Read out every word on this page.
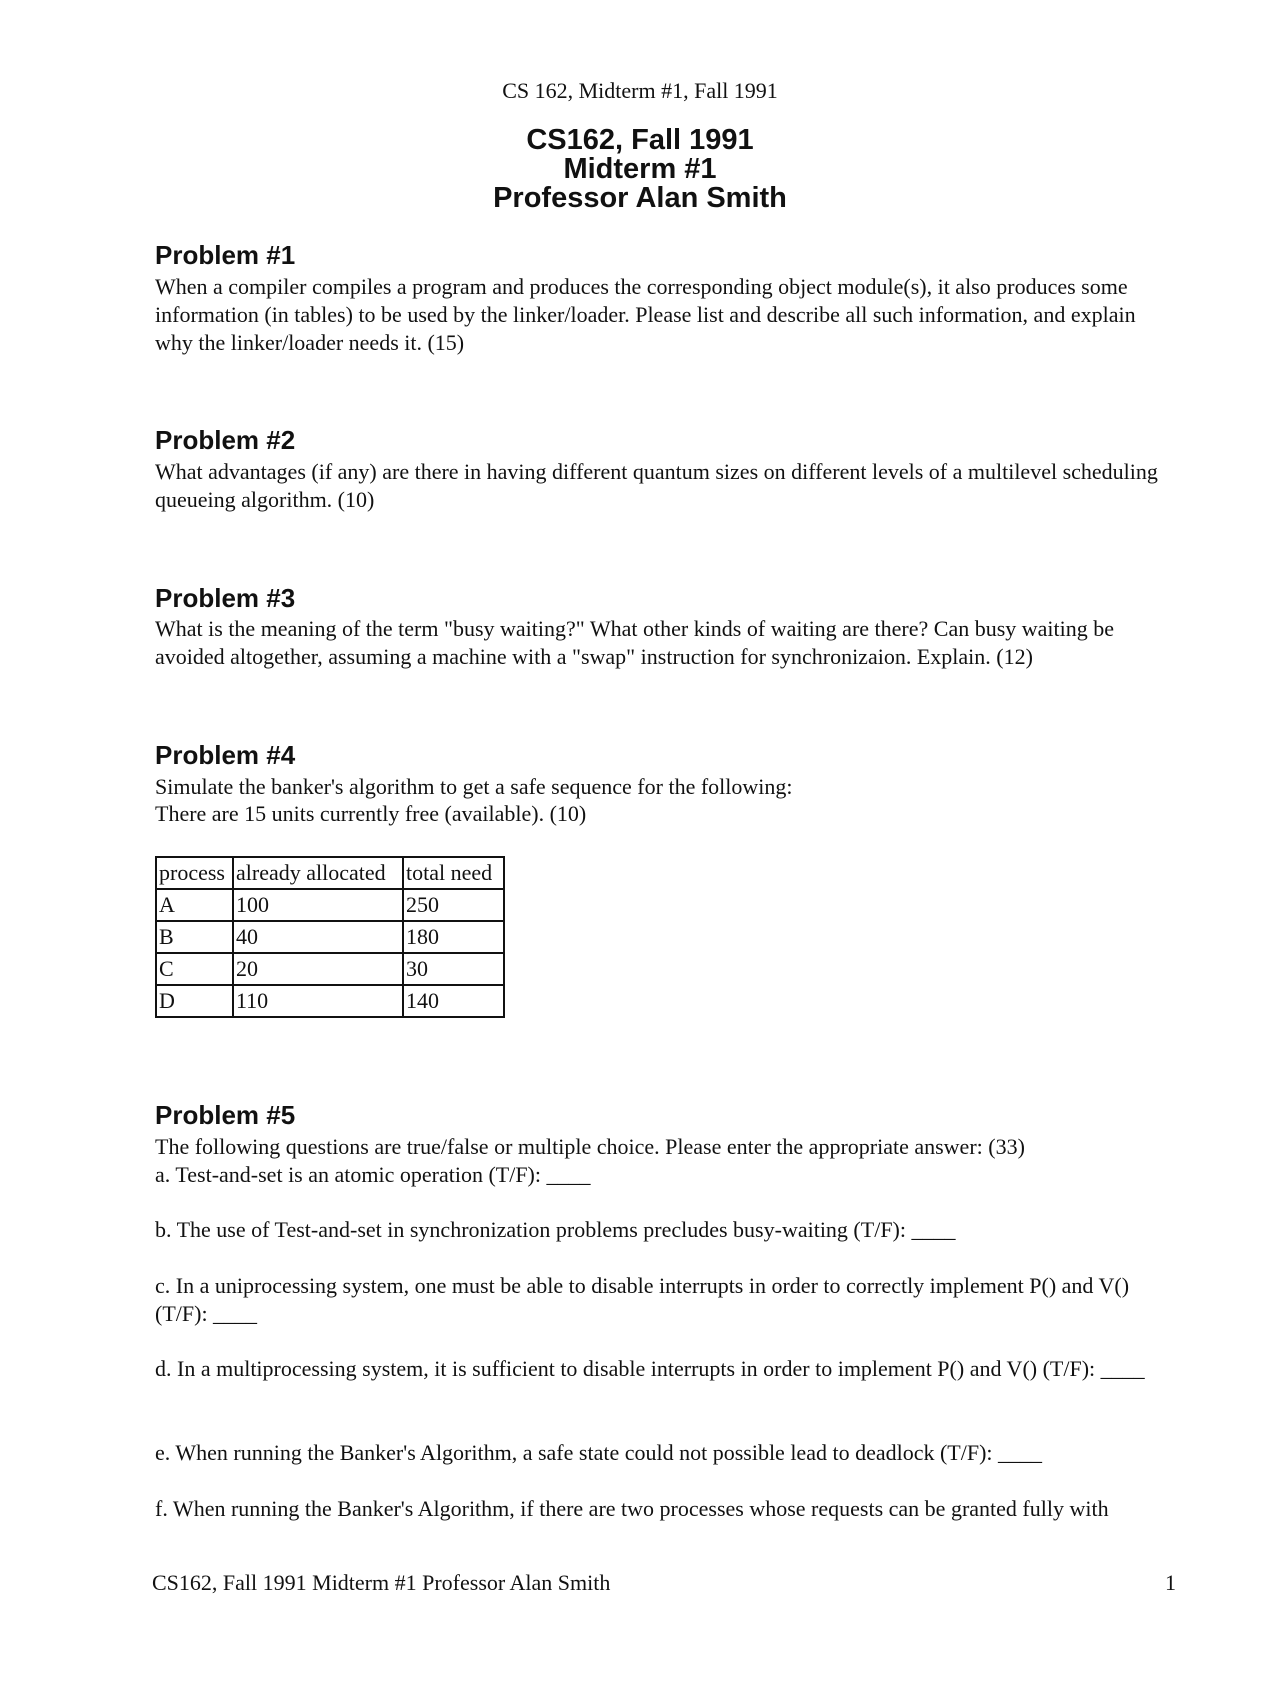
CS 162, Midterm #1, Fall 1991
CS162, Fall 1991
Midterm #1
Professor Alan Smith
Problem #1

When a compiler compiles a program and produces the corresponding object module(s), it also produces some information (in tables) to be used by the linker/loader. Please list and describe all such information, and explain why the linker/loader needs it. (15)

Problem #2

What advantages (if any) are there in having different quantum sizes on different levels of a multilevel scheduling queueing algorithm. (10)

Problem #3

What is the meaning of the term "busy waiting?" What other kinds of waiting are there? Can busy waiting be avoided altogether, assuming a machine with a "swap" instruction for synchronizaion. Explain. (12)

Problem #4

Simulate the banker's algorithm to get a safe sequence for the following:

There are 15 units currently free (available). (10)

process	already allocated	total need
A	100	250
B	40	180
C	20	30
D	110	140
Problem #5

The following questions are true/false or multiple choice. Please enter the appropriate answer: (33)

a. Test-and-set is an atomic operation (T/F): ____

b. The use of Test-and-set in synchronization problems precludes busy-waiting (T/F): ____

c. In a uniprocessing system, one must be able to disable interrupts in order to correctly implement P() and V() (T/F): ____

d. In a multiprocessing system, it is sufficient to disable interrupts in order to implement P() and V() (T/F): ____

e. When running the Banker's Algorithm, a safe state could not possible lead to deadlock (T/F): ____

f. When running the Banker's Algorithm, if there are two processes whose requests can be granted fully with

CS162, Fall 1991 Midterm #1 Professor Alan Smith	1
